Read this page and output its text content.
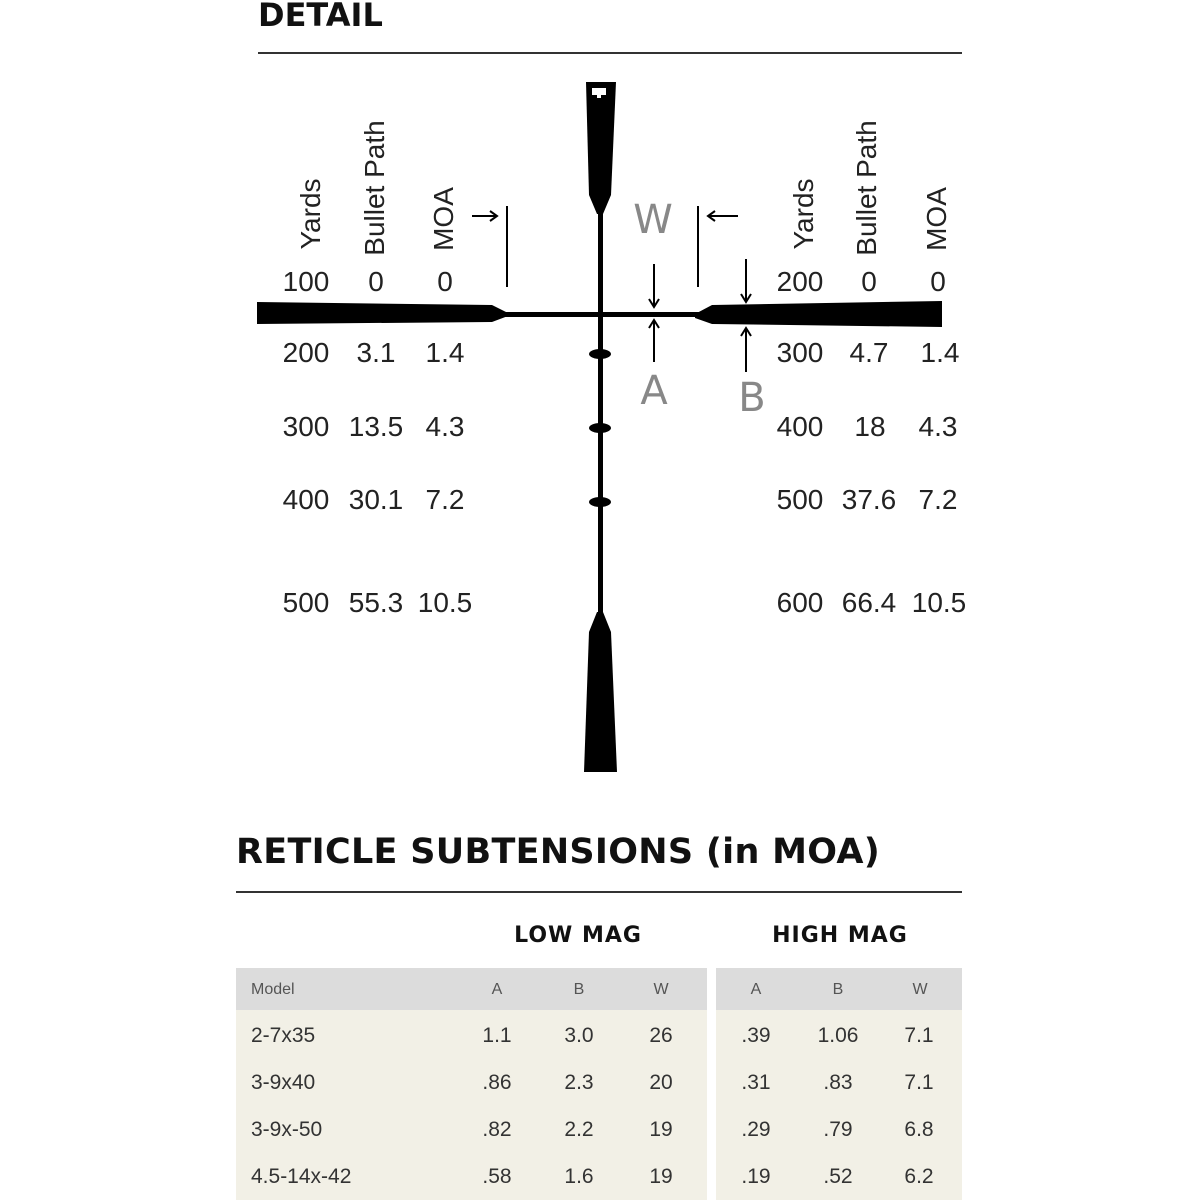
DETAIL
W
A B
Yards Bullet Path MOA
100 0 0
200 3.1 1.4
300 13.5 4.3
400 30.1 7.2
500 55.3 10.5
Yards Bullet Path MOA
200 0 0
300 4.7 1.4
400 18 4.3
500 37.6 7.2
600 66.4 10.5
RETICLE SUBTENSIONS (in MOA)
LOW MAG	HIGH MAG
Model	A	B	W	A	B	W
2-7x35	1.1	3.0	26	.39 1.06 7.1
3-9x40	.86	2.3	20	.31	.83 7.1
3-9x-50	.82	2.2	19	.29	.79 6.8
4.5-14x-42	.58	1.6	19	.19	.52 6.2
